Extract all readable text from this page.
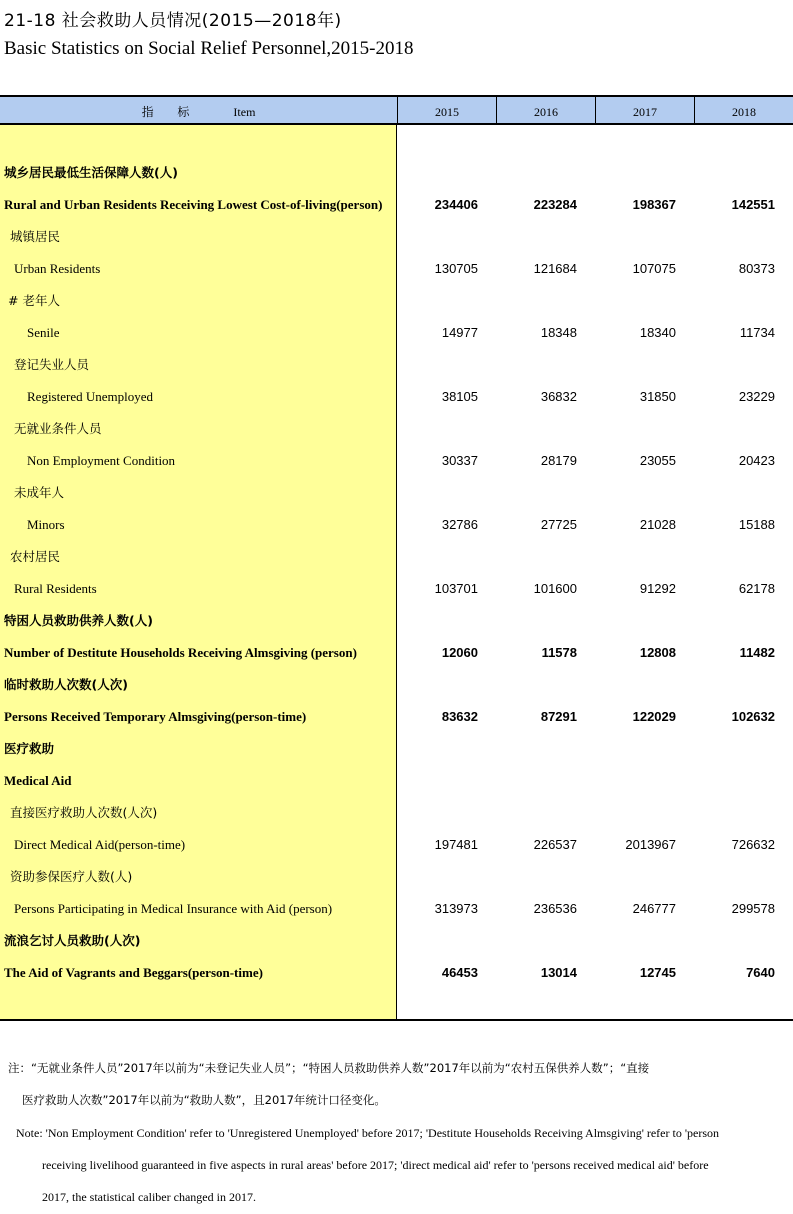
21-18 社会救助人员情况(2015—2018年)
Basic Statistics on Social Relief Personnel,2015-2018
指 标	Item	2015	2016	2017	2018
城乡居民最低生活保障人数(人)
Rural and Urban Residents Receiving Lowest Cost-of-living(person)	234406	223284	198367	142551
城镇居民
Urban Residents	130705	121684	107075	80373
# 老年人
Senile	14977	18348	18340	11734
登记失业人员
Registered Unemployed	38105	36832	31850	23229
无就业条件人员
Non Employment Condition	30337	28179	23055	20423
未成年人
Minors	32786	27725	21028	15188
农村居民
Rural Residents	103701	101600	91292	62178
特困人员救助供养人数(人)
Number of Destitute Households Receiving Almsgiving (person)	12060	11578	12808	11482
临时救助人次数(人次)
Persons Received Temporary Almsgiving(person-time)	83632	87291	122029	102632
医疗救助
Medical Aid
直接医疗救助人次数(人次)
Direct Medical Aid(person-time)	197481	226537	2013967	726632
资助参保医疗人数(人)
Persons Participating in Medical Insurance with Aid (person)	313973	236536	246777	299578
流浪乞讨人员救助(人次)
The Aid of Vagrants and Beggars(person-time)	46453	13014	12745	7640
注：“无就业条件人员”2017年以前为“未登记失业人员”；“特困人员救助供养人数”2017年以前为“农村五保供养人数”；“直接
医疗救助人次数”2017年以前为“救助人数”，且2017年统计口径变化。
Note: 'Non Employment Condition' refer to 'Unregistered Unemployed' before 2017; 'Destitute Households Receiving Almsgiving' refer to 'person
receiving livelihood guaranteed in five aspects in rural areas' before 2017; 'direct medical aid' refer to 'persons received medical aid' before
2017, the statistical caliber changed in 2017.
